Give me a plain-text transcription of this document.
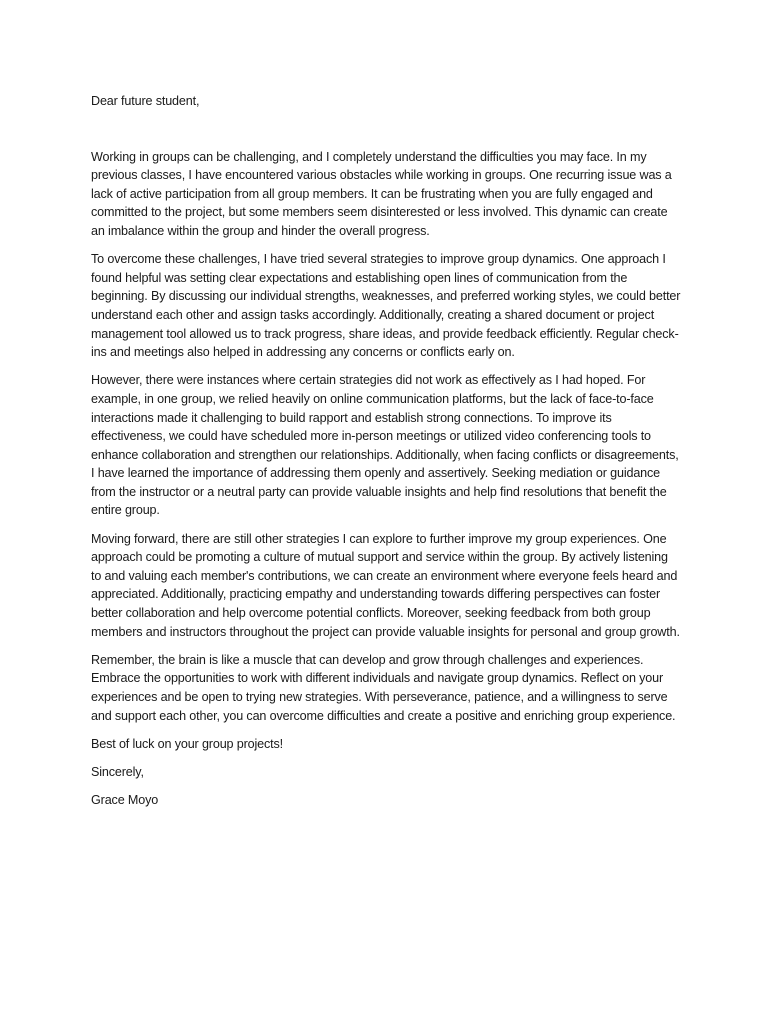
Dear future student,

Working in groups can be challenging, and I completely understand the difficulties you may face. In my previous classes, I have encountered various obstacles while working in groups. One recurring issue was a lack of active participation from all group members. It can be frustrating when you are fully engaged and committed to the project, but some members seem disinterested or less involved. This dynamic can create an imbalance within the group and hinder the overall progress.

To overcome these challenges, I have tried several strategies to improve group dynamics. One approach I found helpful was setting clear expectations and establishing open lines of communication from the beginning. By discussing our individual strengths, weaknesses, and preferred working styles, we could better understand each other and assign tasks accordingly. Additionally, creating a shared document or project management tool allowed us to track progress, share ideas, and provide feedback efficiently. Regular check-ins and meetings also helped in addressing any concerns or conflicts early on.

However, there were instances where certain strategies did not work as effectively as I had hoped. For example, in one group, we relied heavily on online communication platforms, but the lack of face-to-face interactions made it challenging to build rapport and establish strong connections. To improve its effectiveness, we could have scheduled more in-person meetings or utilized video conferencing tools to enhance collaboration and strengthen our relationships. Additionally, when facing conflicts or disagreements, I have learned the importance of addressing them openly and assertively. Seeking mediation or guidance from the instructor or a neutral party can provide valuable insights and help find resolutions that benefit the entire group.

Moving forward, there are still other strategies I can explore to further improve my group experiences. One approach could be promoting a culture of mutual support and service within the group. By actively listening to and valuing each member's contributions, we can create an environment where everyone feels heard and appreciated. Additionally, practicing empathy and understanding towards differing perspectives can foster better collaboration and help overcome potential conflicts. Moreover, seeking feedback from both group members and instructors throughout the project can provide valuable insights for personal and group growth.

Remember, the brain is like a muscle that can develop and grow through challenges and experiences. Embrace the opportunities to work with different individuals and navigate group dynamics. Reflect on your experiences and be open to trying new strategies. With perseverance, patience, and a willingness to serve and support each other, you can overcome difficulties and create a positive and enriching group experience.

Best of luck on your group projects!

Sincerely,

Grace Moyo
